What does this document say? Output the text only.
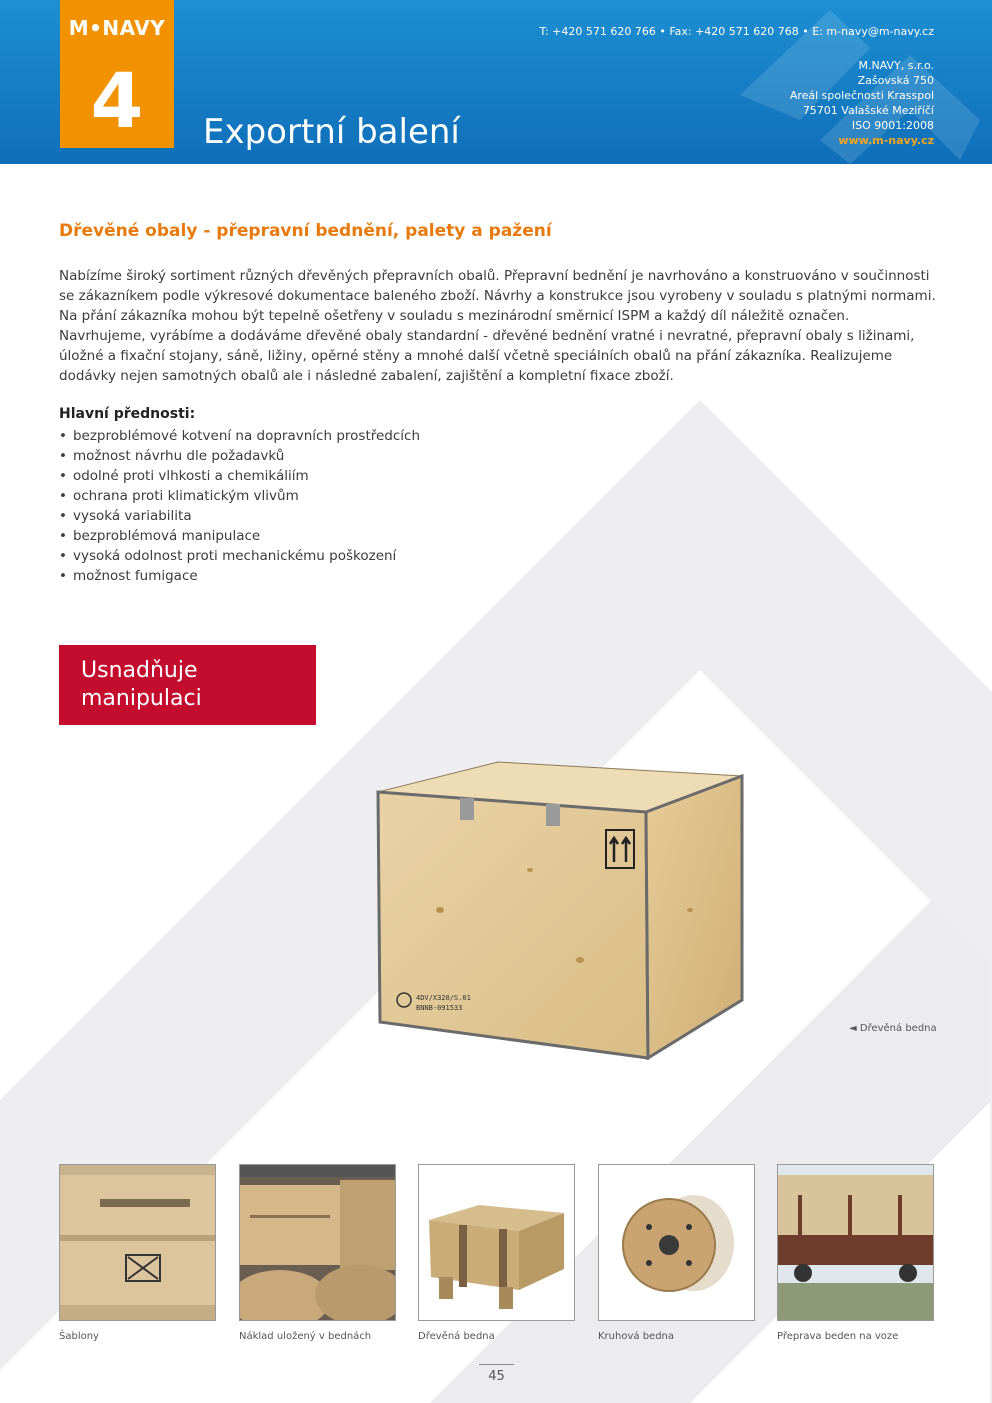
T: +420 571 620 766 • Fax: +420 571 620 768 • E: m-navy@m-navy.cz
M.NAVY, s.r.o.
Zašovská 750
Areál společnosti Krasspol
75701 Valašské Meziříčí
ISO 9001:2008
www.m-navy.cz
Exportní balení
M•NAVY
4
Dřevěné obaly - přepravní bednění, palety a pažení

Nabízíme široký sortiment různých dřevěných přepravních obalů. Přepravní bednění je navrhováno a konstruováno v součinnosti se zákazníkem podle výkresové dokumentace baleného zboží. Návrhy a konstrukce jsou vyrobeny v souladu s platnými normami.

Na přání zákazníka mohou být tepelně ošetřeny v souladu s mezinárodní směrnicí ISPM a každý díl náležitě označen. Navrhujeme, vyrábíme a dodáváme dřevěné obaly standardní - dřevěné bednění vratné i nevratné, přepravní obaly s ližinami, úložné a fixační stojany, sáně, ližiny, opěrné stěny a mnohé další včetně speciálních obalů na přání zákazníka. Realizujeme dodávky nejen samotných obalů ale i následné zabalení, zajištění a kompletní fixace zboží.

Hlavní přednosti:
• bezproblémové kotvení na dopravních prostředcích
• možnost návrhu dle požadavků
• odolné proti vlhkosti a chemikáliím
• ochrana proti klimatickým vlivům
• vysoká variabilita
• bezproblémová manipulace
• vysoká odolnost proti mechanickému poškození
• možnost fumigace
Usnadňuje
manipulaci
4DV/X320/S.01
BNNB-091533
◄ Dřevěná bedna
Šablony	Náklad uložený v bednách	Dřevěná bedna	Kruhová bedna	Přeprava beden na voze
45
